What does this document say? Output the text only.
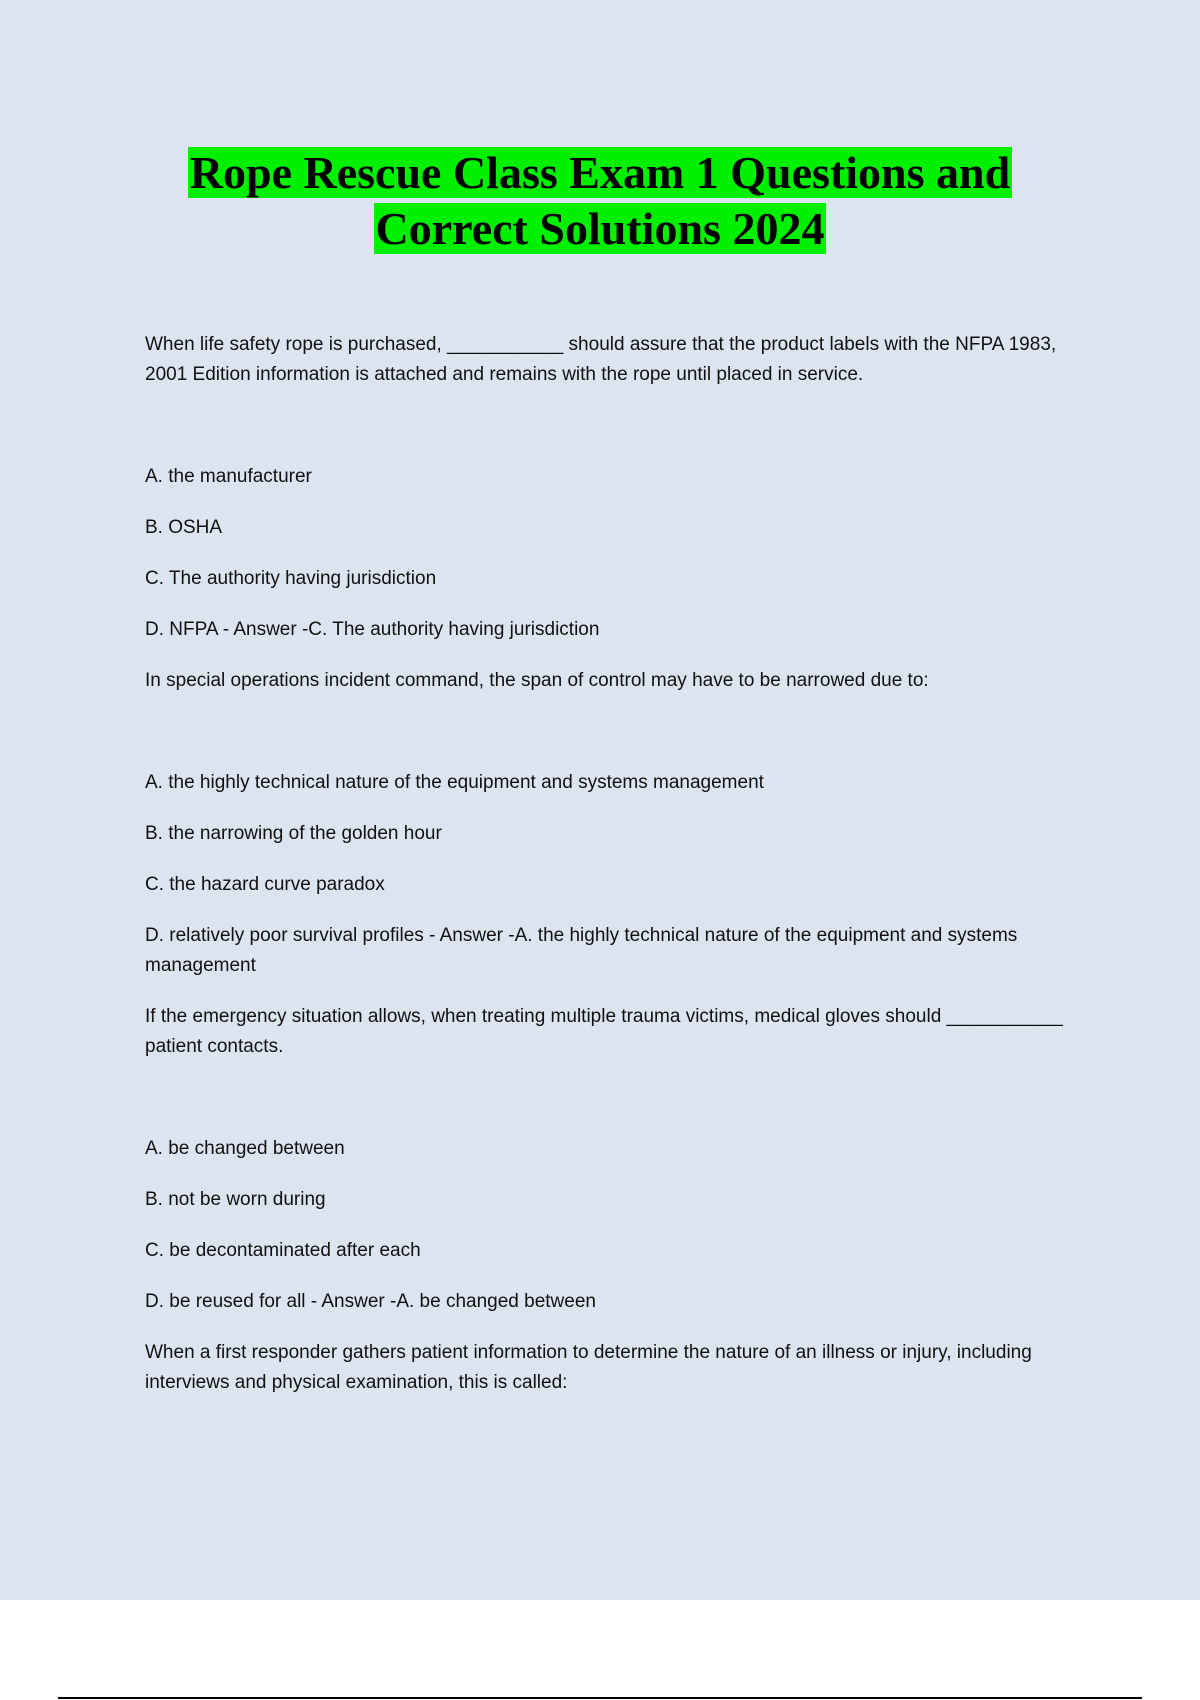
Rope Rescue Class Exam 1 Questions and
Correct Solutions 2024

When life safety rope is purchased, ___________ should assure that the product labels with the NFPA 1983, 2001 Edition information is attached and remains with the rope until placed in service.

A. the manufacturer

B. OSHA

C. The authority having jurisdiction

D. NFPA - Answer -C. The authority having jurisdiction

In special operations incident command, the span of control may have to be narrowed due to:

A. the highly technical nature of the equipment and systems management

B. the narrowing of the golden hour

C. the hazard curve paradox

D. relatively poor survival profiles - Answer -A. the highly technical nature of the equipment and systems management

If the emergency situation allows, when treating multiple trauma victims, medical gloves should ___________ patient contacts.

A. be changed between

B. not be worn during

C. be decontaminated after each

D. be reused for all - Answer -A. be changed between

When a first responder gathers patient information to determine the nature of an illness or injury, including interviews and physical examination, this is called:
